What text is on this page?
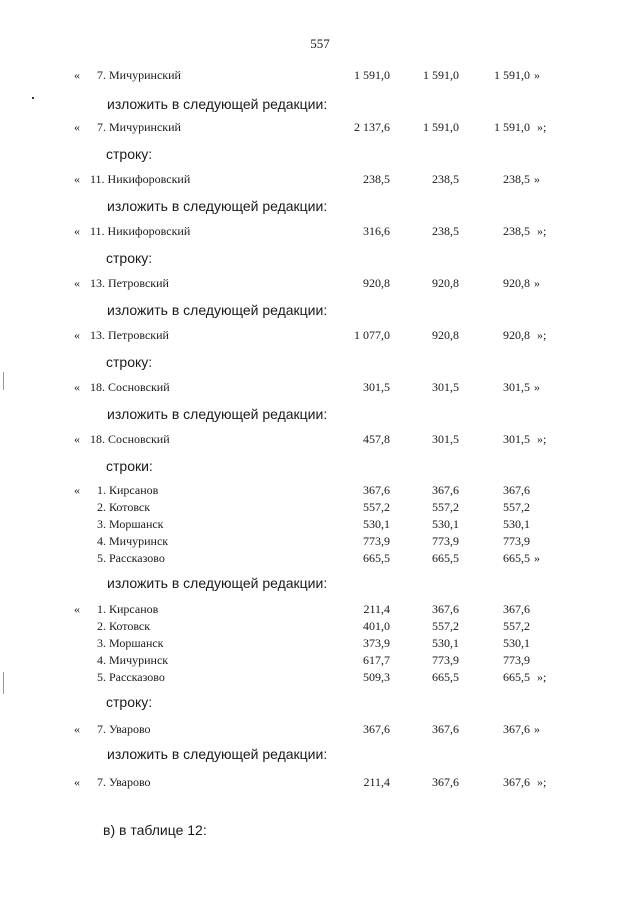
557
« 7. Мичуринский	1 591,0	1 591,0	1 591,0 »
изложить в следующей редакции:
« 7. Мичуринский	2 137,6	1 591,0	1 591,0 »;
строку:
« 11. Никифоровский	238,5	238,5	238,5 »
изложить в следующей редакции:
« 11. Никифоровский	316,6	238,5	238,5 »;
строку:
« 13. Петровский	920,8	920,8	920,8 »
изложить в следующей редакции:
« 13. Петровский	1 077,0	920,8	920,8 »;
строку:
« 18. Сосновский	301,5	301,5	301,5 »
изложить в следующей редакции:
« 18. Сосновский	457,8	301,5	301,5 »;
строки:
« 1. Кирсанов	367,6	367,6	367,6
2. Котовск	557,2	557,2	557,2
3. Моршанск	530,1	530,1	530,1
4. Мичуринск	773,9	773,9	773,9
5. Рассказово	665,5	665,5	665,5 »
изложить в следующей редакции:
« 1. Кирсанов	211,4	367,6	367,6
2. Котовск	401,0	557,2	557,2
3. Моршанск	373,9	530,1	530,1
4. Мичуринск	617,7	773,9	773,9
5. Рассказово	509,3	665,5	665,5 »;
строку:
« 7. Уварово	367,6	367,6	367,6 »
изложить в следующей редакции:
« 7. Уварово	211,4	367,6	367,6 »;
в) в таблице 12:
